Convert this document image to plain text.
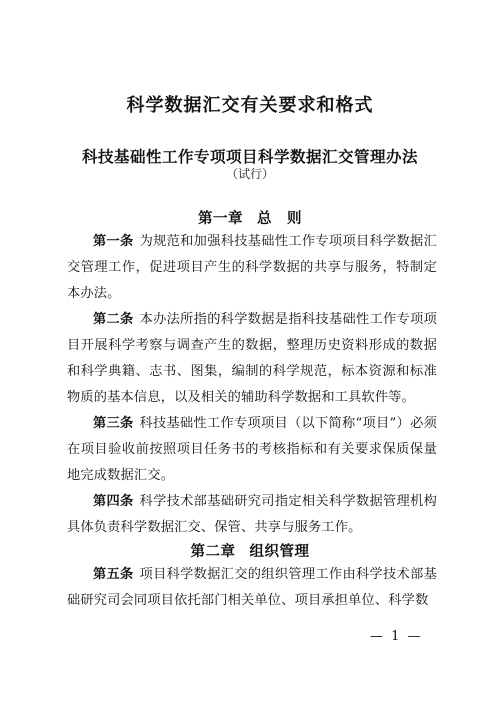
科学数据汇交有关要求和格式
科技基础性工作专项项目科学数据汇交管理办法
（试行）
第一章 总　则
第一条 为规范和加强科技基础性工作专项项目科学数据汇交管理工作，促进项目产生的科学数据的共享与服务，特制定本办法。
第二条 本办法所指的科学数据是指科技基础性工作专项项目开展科学考察与调查产生的数据，整理历史资料形成的数据和科学典籍、志书、图集，编制的科学规范，标本资源和标准物质的基本信息，以及相关的辅助科学数据和工具软件等。
第三条 科技基础性工作专项项目（以下简称“项目”）必须在项目验收前按照项目任务书的考核指标和有关要求保质保量地完成数据汇交。
第四条 科学技术部基础研究司指定相关科学数据管理机构具体负责科学数据汇交、保管、共享与服务工作。
第二章 组织管理
第五条 项目科学数据汇交的组织管理工作由科学技术部基础研究司会同项目依托部门相关单位、项目承担单位、科学数
— 1 —
